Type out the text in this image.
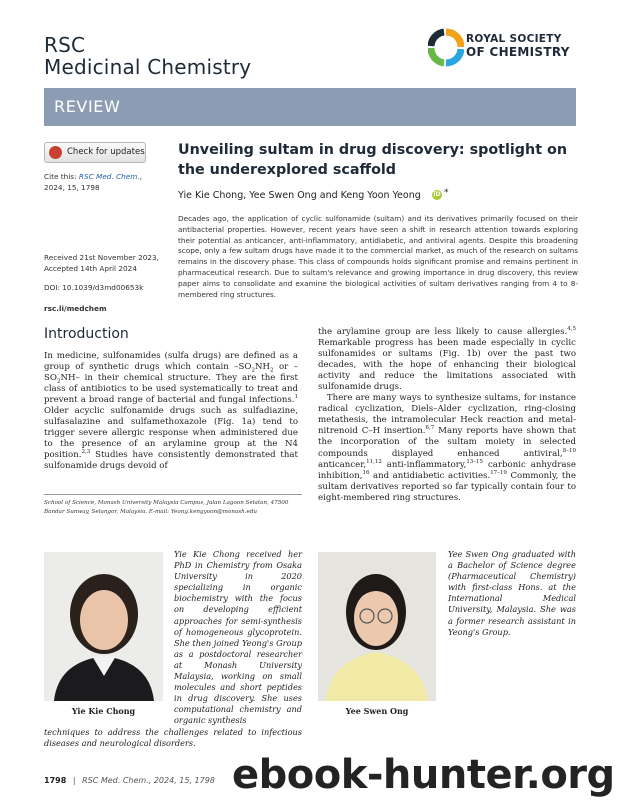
RSC
Medicinal Chemistry
ROYAL SOCIETY
OF CHEMISTRY
REVIEW
Check for updates
Cite this: RSC Med. Chem., 2024, 15, 1798
Received 21st November 2023,
Accepted 14th April 2024
DOI: 10.1039/d3md00653k
rsc.li/medchem
Unveiling sultam in drug discovery: spotlight on the underexplored scaffold
Yie Kie Chong, Yee Swen Ong and Keng Yoon Yeong iD *
Decades ago, the application of cyclic sulfonamide (sultam) and its derivatives primarily focused on their antibacterial properties. However, recent years have seen a shift in research attention towards exploring their potential as anticancer, anti-inflammatory, antidiabetic, and antiviral agents. Despite this broadening scope, only a few sultam drugs have made it to the commercial market, as much of the research on sultams remains in the discovery phase. This class of compounds holds significant promise and remains pertinent in pharmaceutical research. Due to sultam's relevance and growing importance in drug discovery, this review paper aims to consolidate and examine the biological activities of sultam derivatives ranging from 4 to 8-membered ring structures.
Introduction
In medicine, sulfonamides (sulfa drugs) are defined as a group of synthetic drugs which contain $-SO_2NH_2$ or $-SO_2NH-$ in their chemical structure. They are the first class of antibiotics to be used systematically to treat and prevent a broad range of bacterial and fungal infections.$^1$ Older acyclic sulfonamide drugs such as sulfadiazine, sulfasalazine and sulfamethoxazole (Fig. 1a) tend to trigger severe allergic response when administered due to the presence of an arylamine group at the N4 position.$^{2,3}$ Studies have consistently demonstrated that sulfonamide drugs devoid of
School of Science, Monash University Malaysia Campus, Jalan Lagoon Selatan, 47500 Bandar Sunway, Selangor, Malaysia. E-mail: Yeong.kengyoon@monash.edu
the arylamine group are less likely to cause allergies.$^{4,5}$ Remarkable progress has been made especially in cyclic sulfonamides or sultams (Fig. 1b) over the past two decades, with the hope of enhancing their biological activity and reduce the limitations associated with sulfonamide drugs.
There are many ways to synthesize sultams, for instance radical cyclization, Diels–Alder cyclization, ring-closing metathesis, the intramolecular Heck reaction and metal-nitrenoid C–H insertion.$^{6,7}$ Many reports have shown that the incorporation of the sultam moiety in selected compounds displayed enhanced antiviral,$^{8-10}$ anticancer,$^{11,12}$ anti-inflammatory,$^{13-15}$ carbonic anhydrase inhibition,$^{16}$ and antidiabetic activities.$^{17-19}$ Commonly, the sultam derivatives reported so far typically contain four to eight-membered ring structures.
Yie Kie Chong
Yie Kie Chong received her PhD in Chemistry from Osaka University in 2020 specializing in organic biochemistry with the focus on developing efficient approaches for semi-synthesis of homogeneous glycoprotein. She then joined Yeong's Group as a postdoctoral researcher at Monash University Malaysia, working on small molecules and short peptides in drug discovery. She uses computational chemistry and organic synthesis
techniques to address the challenges related to infectious diseases and neurological disorders.
Yee Swen Ong
Yee Swen Ong graduated with a Bachelor of Science degree (Pharmaceutical Chemistry) with first-class Hons. at the International Medical University, Malaysia. She was a former research assistant in Yeong's Group.
1798 | RSC Med. Chem., 2024, 15, 1798 ebook-hunter.org
